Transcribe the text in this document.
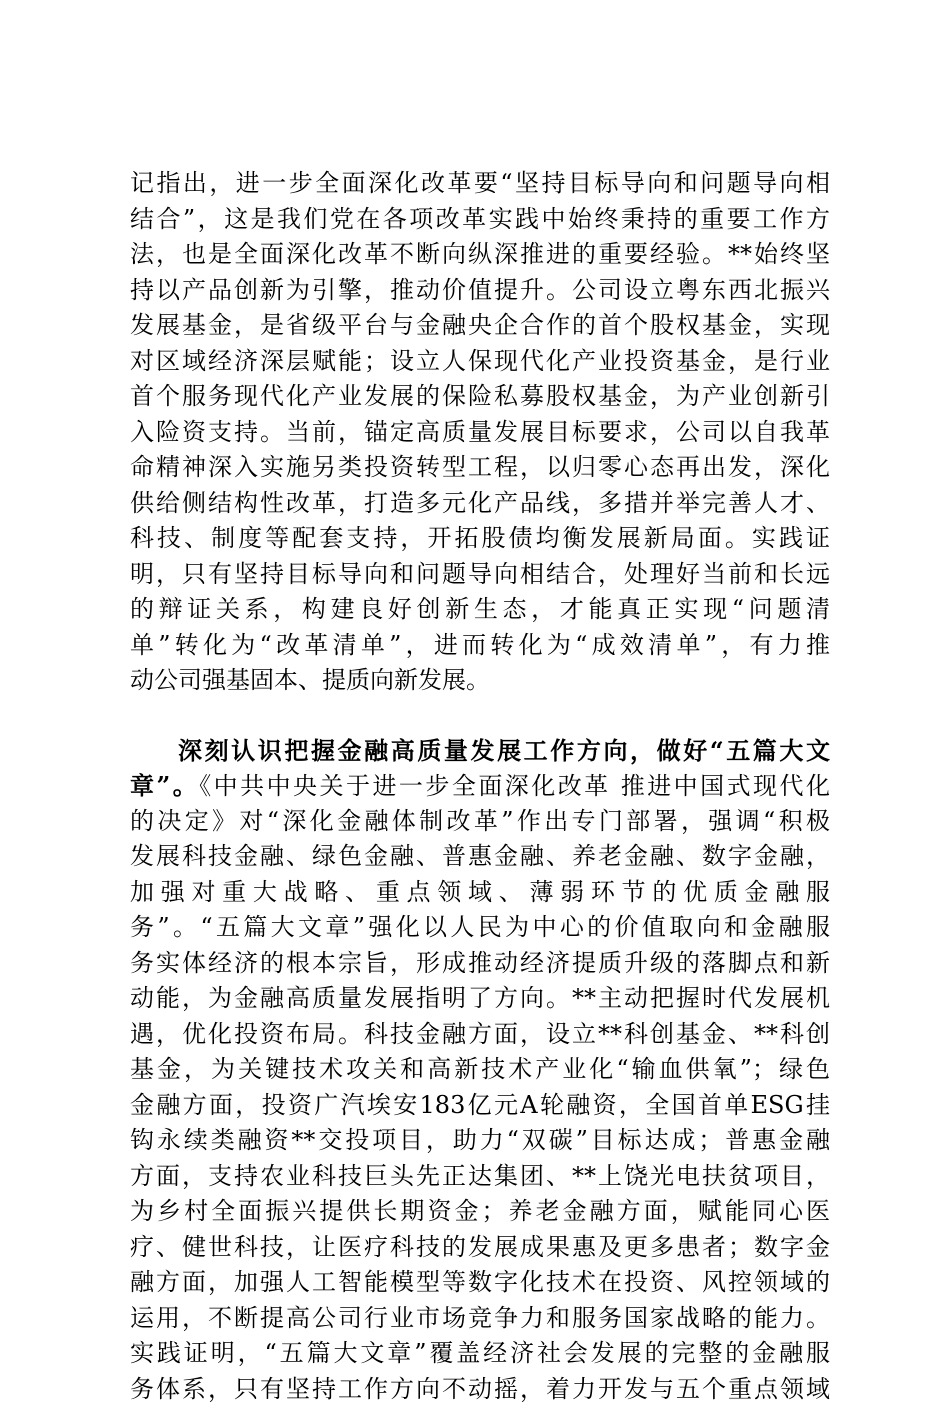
记指出，进一步全面深化改革要“坚持目标导向和问题导向相
结合”，这是我们党在各项改革实践中始终秉持的重要工作方
法，也是全面深化改革不断向纵深推进的重要经验。**始终坚
持以产品创新为引擎，推动价值提升。公司设立粤东西北振兴
发展基金，是省级平台与金融央企合作的首个股权基金，实现
对区域经济深层赋能；设立人保现代化产业投资基金，是行业
首个服务现代化产业发展的保险私募股权基金，为产业创新引
入险资支持。当前，锚定高质量发展目标要求，公司以自我革
命精神深入实施另类投资转型工程，以归零心态再出发，深化
供给侧结构性改革，打造多元化产品线，多措并举完善人才、
科技、制度等配套支持，开拓股债均衡发展新局面。实践证
明，只有坚持目标导向和问题导向相结合，处理好当前和长远
的辩证关系，构建良好创新生态，才能真正实现“问题清
单”转化为“改革清单”，进而转化为“成效清单”，有力推
动公司强基固本、提质向新发展。
深刻认识把握金融高质量发展工作方向，做好“五篇大文
章”。《中共中央关于进一步全面深化改革 推进中国式现代化
的决定》对“深化金融体制改革”作出专门部署，强调“积极
发展科技金融、绿色金融、普惠金融、养老金融、数字金融，
加强对重大战略、重点领域、薄弱环节的优质金融服
务”。“五篇大文章”强化以人民为中心的价值取向和金融服
务实体经济的根本宗旨，形成推动经济提质升级的落脚点和新
动能，为金融高质量发展指明了方向。**主动把握时代发展机
遇，优化投资布局。科技金融方面，设立**科创基金、**科创
基金，为关键技术攻关和高新技术产业化“输血供氧”；绿色
金融方面，投资广汽埃安183亿元A轮融资，全国首单ESG挂
钩永续类融资**交投项目，助力“双碳”目标达成；普惠金融
方面，支持农业科技巨头先正达集团、**上饶光电扶贫项目，
为乡村全面振兴提供长期资金；养老金融方面，赋能同心医
疗、健世科技，让医疗科技的发展成果惠及更多患者；数字金
融方面，加强人工智能模型等数字化技术在投资、风控领域的
运用，不断提高公司行业市场竞争力和服务国家战略的能力。
实践证明，“五篇大文章”覆盖经济社会发展的完整的金融服
务体系，只有坚持工作方向不动摇，着力开发与五个重点领域
